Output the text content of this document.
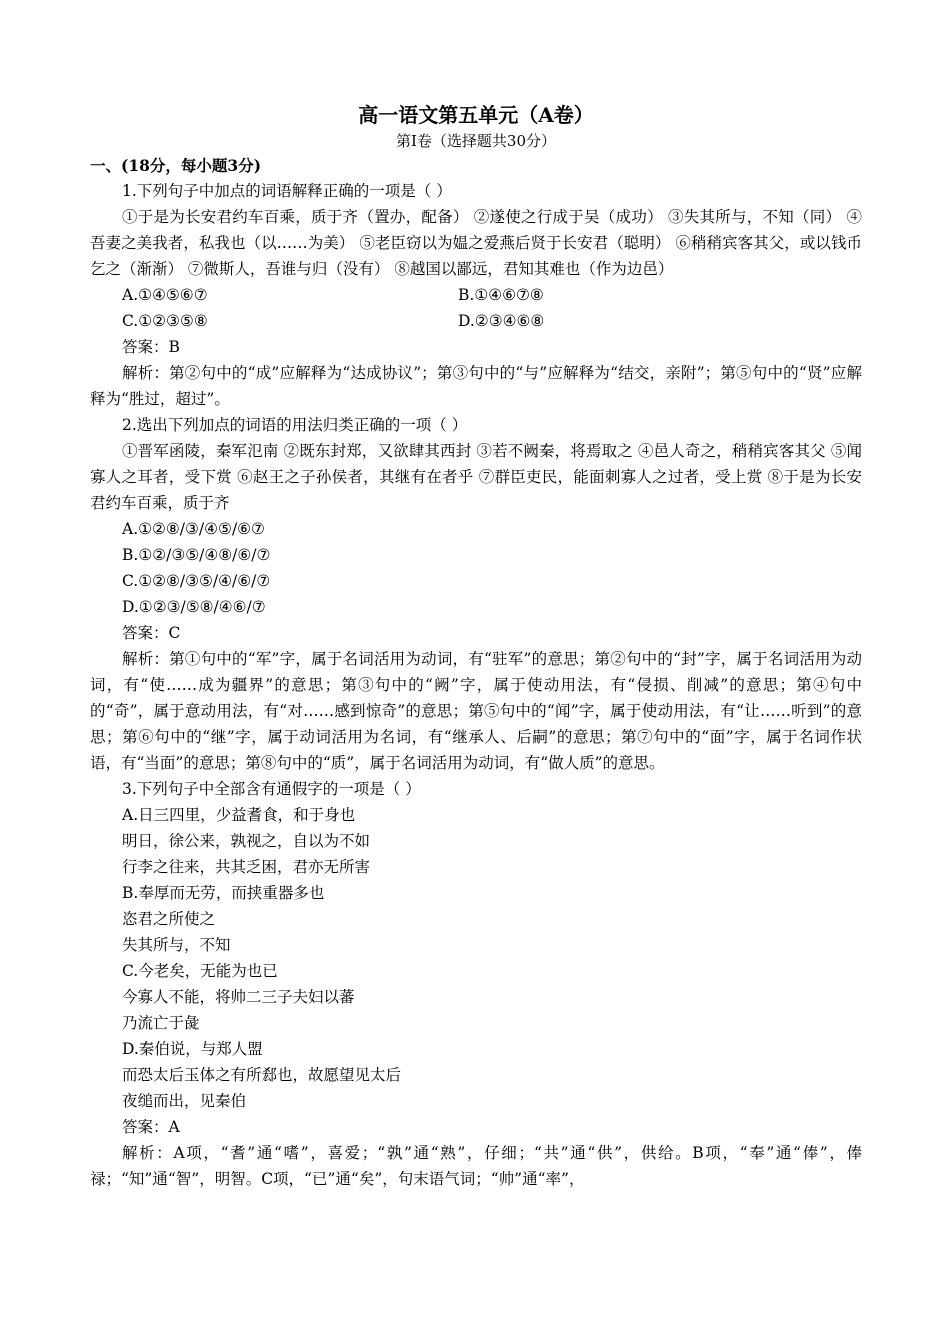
高一语文第五单元（A卷）
第Ⅰ卷（选择题共30分）
一、(18分，每小题3分)

1.下列句子中加点的词语解释正确的一项是（ ）

①于是为长安君约车百乘，质于齐（置办，配备） ②遂使之行成于吴（成功） ③失其所与，不知（同） ④吾妻之美我者，私我也（以……为美） ⑤老臣窃以为媪之爱燕后贤于长安君（聪明） ⑥稍稍宾客其父，或以钱币乞之（渐渐） ⑦微斯人，吾谁与归（没有） ⑧越国以鄙远，君知其难也（作为边邑）

A.①④⑤⑥⑦	B.①④⑥⑦⑧
C.①②③⑤⑧	D.②③④⑥⑧

答案：B

解析：第②句中的“成”应解释为“达成协议”；第③句中的“与”应解释为“结交，亲附”；第⑤句中的“贤”应解释为“胜过，超过”。

2.选出下列加点的词语的用法归类正确的一项（ ）

①晋军函陵，秦军氾南 ②既东封郑，又欲肆其西封 ③若不阙秦，将焉取之 ④邑人奇之，稍稍宾客其父 ⑤闻寡人之耳者，受下赏 ⑥赵王之子孙侯者，其继有在者乎 ⑦群臣吏民，能面刺寡人之过者，受上赏 ⑧于是为长安君约车百乘，质于齐

A.①②⑧/③/④⑤/⑥⑦

B.①②/③⑤/④⑧/⑥/⑦

C.①②⑧/③⑤/④/⑥/⑦

D.①②③/⑤⑧/④⑥/⑦

答案：C

解析：第①句中的“军”字，属于名词活用为动词，有“驻军”的意思；第②句中的“封”字，属于名词活用为动词，有“使……成为疆界”的意思；第③句中的“阙”字，属于使动用法，有“侵损、削减”的意思；第④句中的“奇”，属于意动用法，有“对……感到惊奇”的意思；第⑤句中的“闻”字，属于使动用法，有“让……听到”的意思；第⑥句中的“继”字，属于动词活用为名词，有“继承人、后嗣”的意思；第⑦句中的“面”字，属于名词作状语，有“当面”的意思；第⑧句中的“质”，属于名词活用为动词，有“做人质”的意思。

3.下列句子中全部含有通假字的一项是（ ）

A.日三四里，少益耆食，和于身也

明日，徐公来，孰视之，自以为不如

行李之往来，共其乏困，君亦无所害

B.奉厚而无劳，而挟重器多也

恣君之所使之

失其所与，不知

C.今老矣，无能为也已

今寡人不能，将帅二三子夫妇以蕃

乃流亡于彘

D.秦伯说，与郑人盟

而恐太后玉体之有所郄也，故愿望见太后

夜缒而出，见秦伯

答案：A

解析：A项，“耆”通“嗜”，喜爱；“孰”通“熟”，仔细；“共”通“供”，供给。B项，“奉”通“俸”，俸禄；“知”通“智”，明智。C项，“已”通“矣”，句末语气词；“帅”通“率”，
